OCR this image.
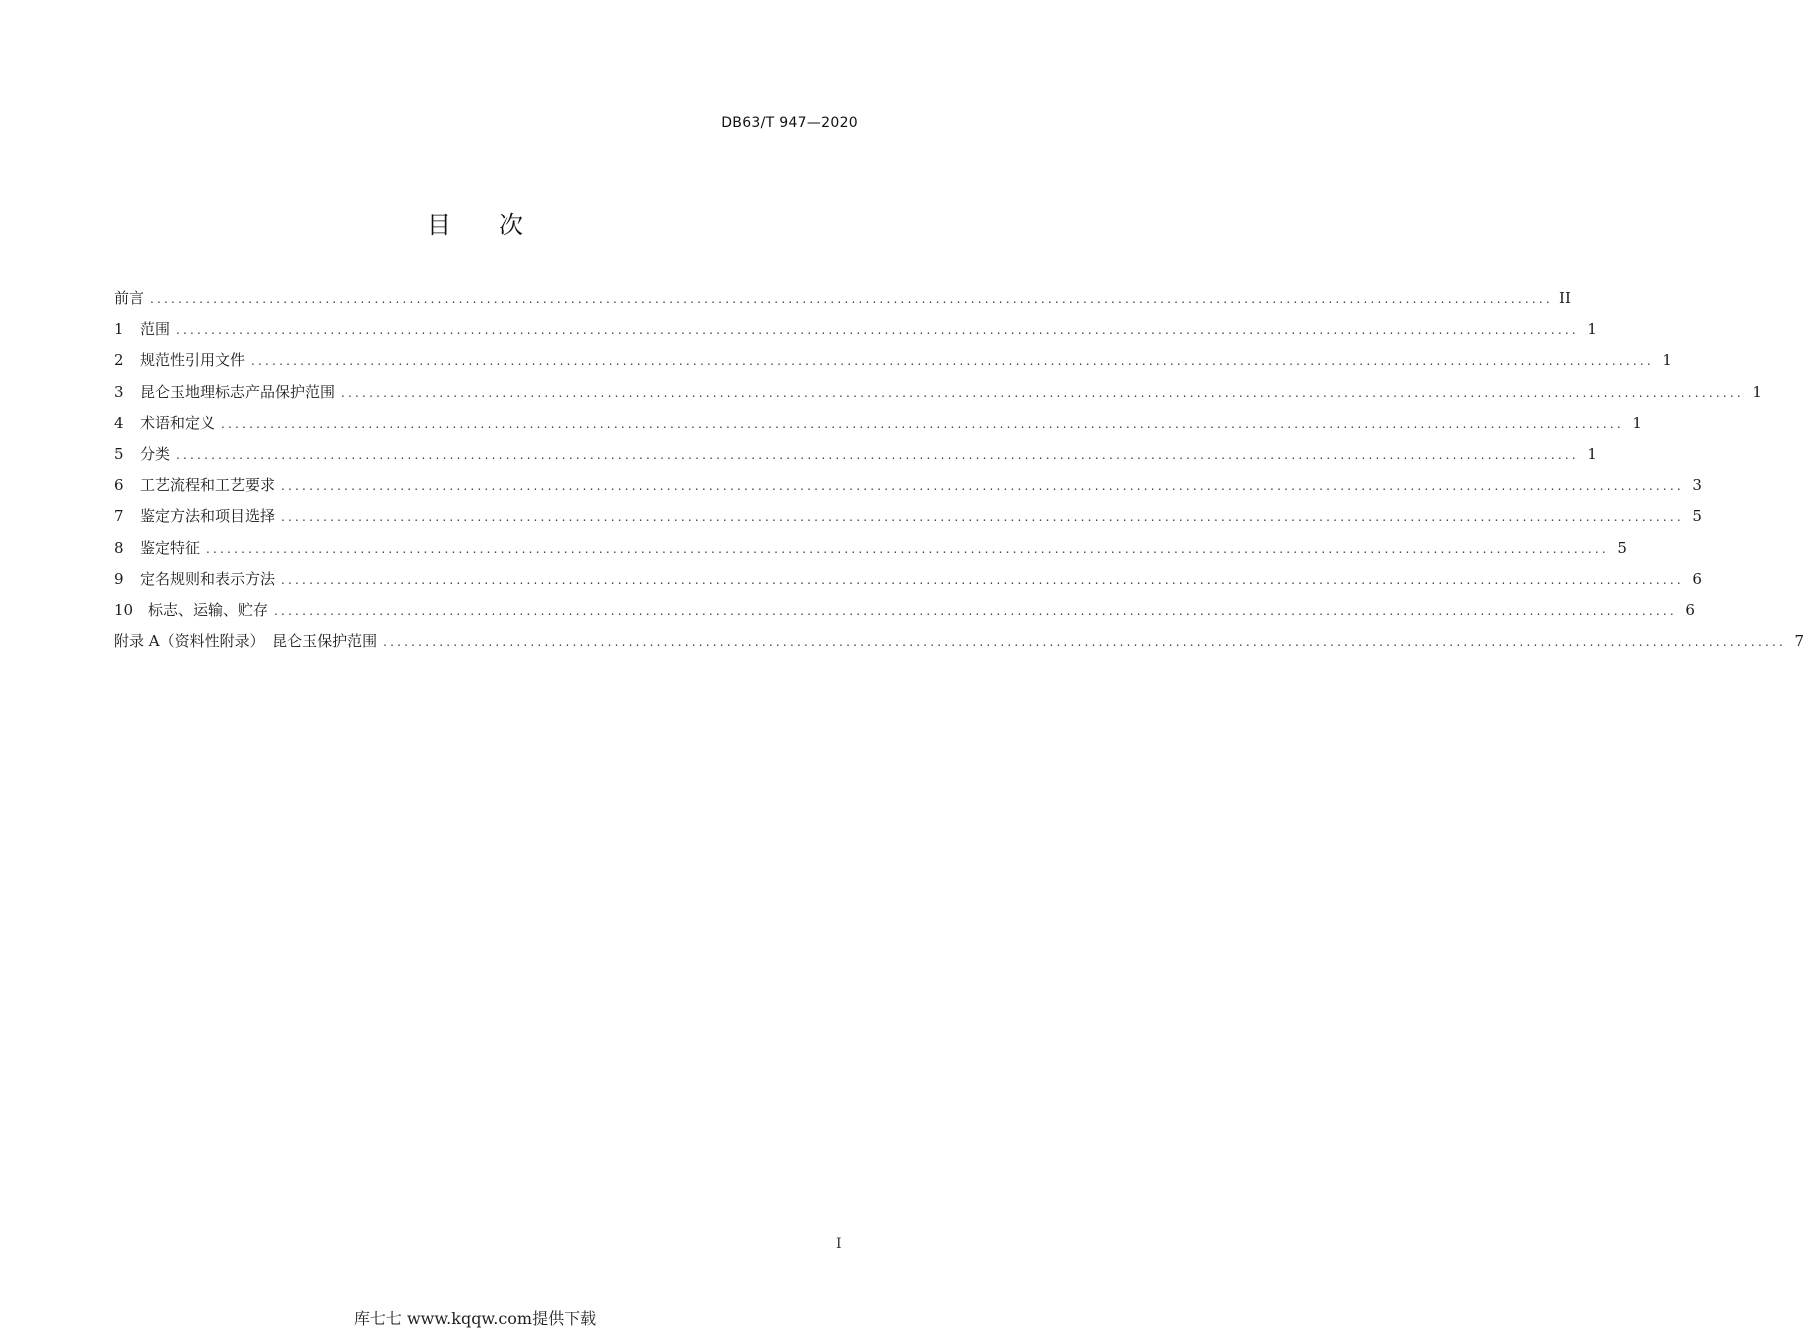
DB63/T 947—2020
目次
前言 ........................................................................................................................................................................................................ II
1	范围 ........................................................................................................................................................................................................ 1
2	规范性引用文件 ........................................................................................................................................................................................................ 1
3	昆仑玉地理标志产品保护范围 ........................................................................................................................................................................................................ 1
4	术语和定义 ........................................................................................................................................................................................................ 1
5	分类 ........................................................................................................................................................................................................ 1
6	工艺流程和工艺要求 ........................................................................................................................................................................................................ 3
7	鉴定方法和项目选择 ........................................................................................................................................................................................................ 5
8	鉴定特征 ........................................................................................................................................................................................................ 5
9	定名规则和表示方法 ........................................................................................................................................................................................................ 6
10 标志、运输、贮存 ........................................................................................................................................................................................................ 6
附录 A（资料性附录）　昆仑玉保护范围 ........................................................................................................................................................................................................ 7
I
库七七 www.kqqw.com提供下载
